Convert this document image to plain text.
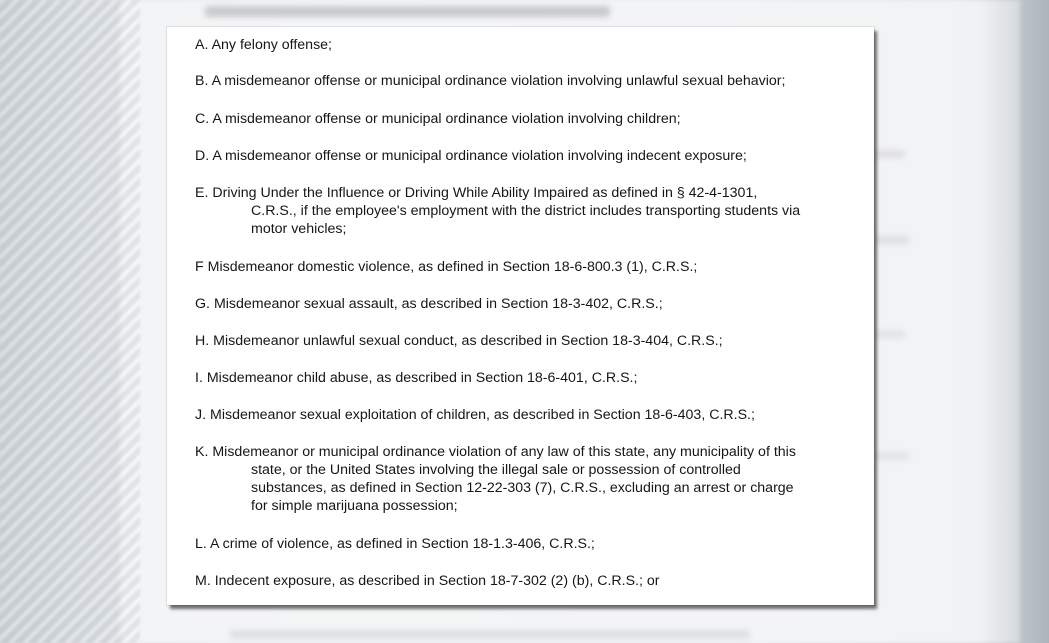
A. Any felony offense;
B. A misdemeanor offense or municipal ordinance violation involving unlawful sexual behavior;
C. A misdemeanor offense or municipal ordinance violation involving children;
D. A misdemeanor offense or municipal ordinance violation involving indecent exposure;
E. Driving Under the Influence or Driving While Ability Impaired as defined in § 42-4-1301,
C.R.S., if the employee's employment with the district includes transporting students via
motor vehicles;
F Misdemeanor domestic violence, as defined in Section 18-6-800.3 (1), C.R.S.;
G. Misdemeanor sexual assault, as described in Section 18-3-402, C.R.S.;
H. Misdemeanor unlawful sexual conduct, as described in Section 18-3-404, C.R.S.;
I. Misdemeanor child abuse, as described in Section 18-6-401, C.R.S.;
J. Misdemeanor sexual exploitation of children, as described in Section 18-6-403, C.R.S.;
K. Misdemeanor or municipal ordinance violation of any law of this state, any municipality of this
state, or the United States involving the illegal sale or possession of controlled
substances, as defined in Section 12-22-303 (7), C.R.S., excluding an arrest or charge
for simple marijuana possession;
L. A crime of violence, as defined in Section 18-1.3-406, C.R.S.;
M. Indecent exposure, as described in Section 18-7-302 (2) (b), C.R.S.; or
